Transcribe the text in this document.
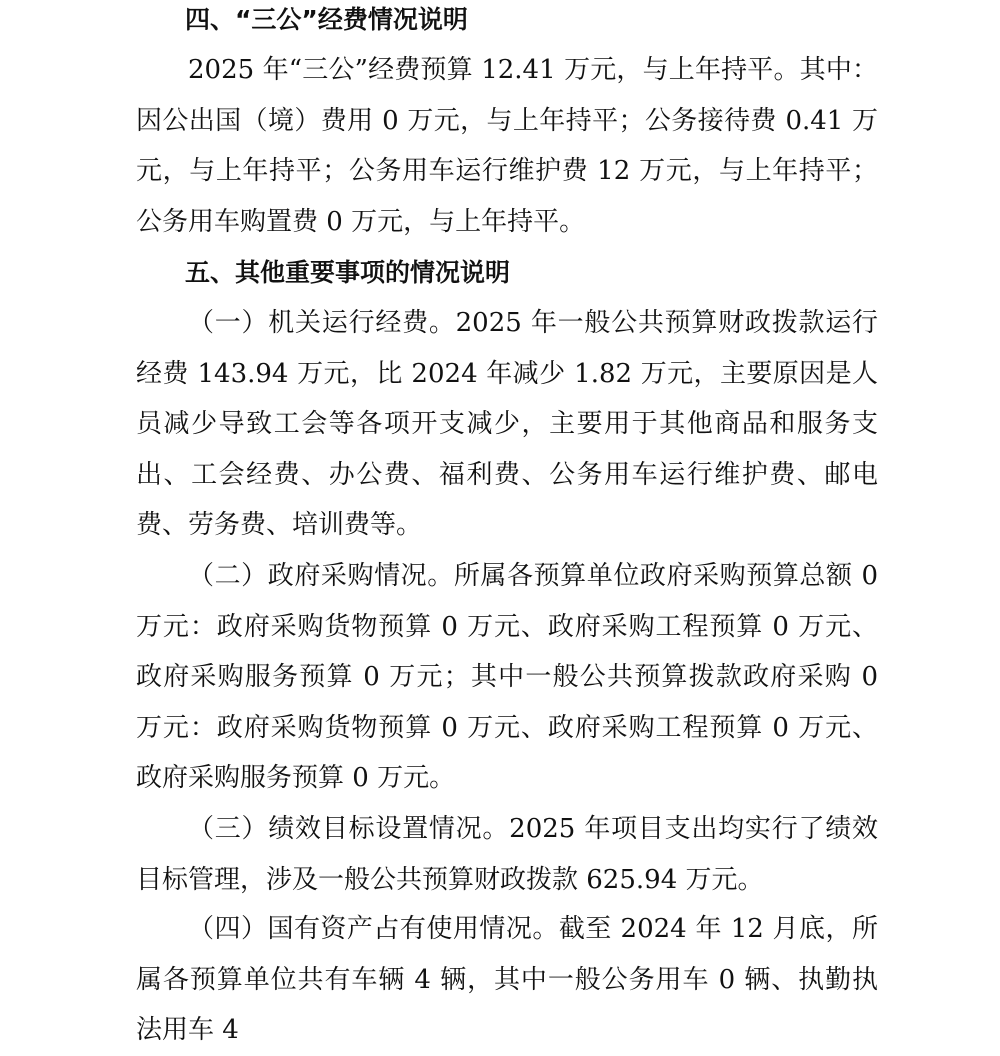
四、“三公”经费情况说明

2025 年“三公”经费预算 12.41 万元，与上年持平。其中：因公出国（境）费用 0 万元，与上年持平；公务接待费 0.41 万元，与上年持平；公务用车运行维护费 12 万元，与上年持平；公务用车购置费 0 万元，与上年持平。

（一）机关运行经费。2025 年一般公共预算财政拨款运行经费 143.94 万元，比 2024 年减少 1.82 万元，主要原因是人员减少导致工会等各项开支减少，主要用于其他商品和服务支出、工会经费、办公费、福利费、公务用车运行维护费、邮电费、劳务费、培训费等。

（二）政府采购情况。所属各预算单位政府采购预算总额 0 万元：政府采购货物预算 0 万元、政府采购工程预算 0 万元、政府采购服务预算 0 万元；其中一般公共预算拨款政府采购 0 万元：政府采购货物预算 0 万元、政府采购工程预算 0 万元、政府采购服务预算 0 万元。

（三）绩效目标设置情况。2025 年项目支出均实行了绩效目标管理，涉及一般公共预算财政拨款 625.94 万元。

（四）国有资产占有使用情况。截至 2024 年 12 月底，所属各预算单位共有车辆 4 辆，其中一般公务用车 0 辆、执勤执法用车 4

五、其他重要事项的情况说明
